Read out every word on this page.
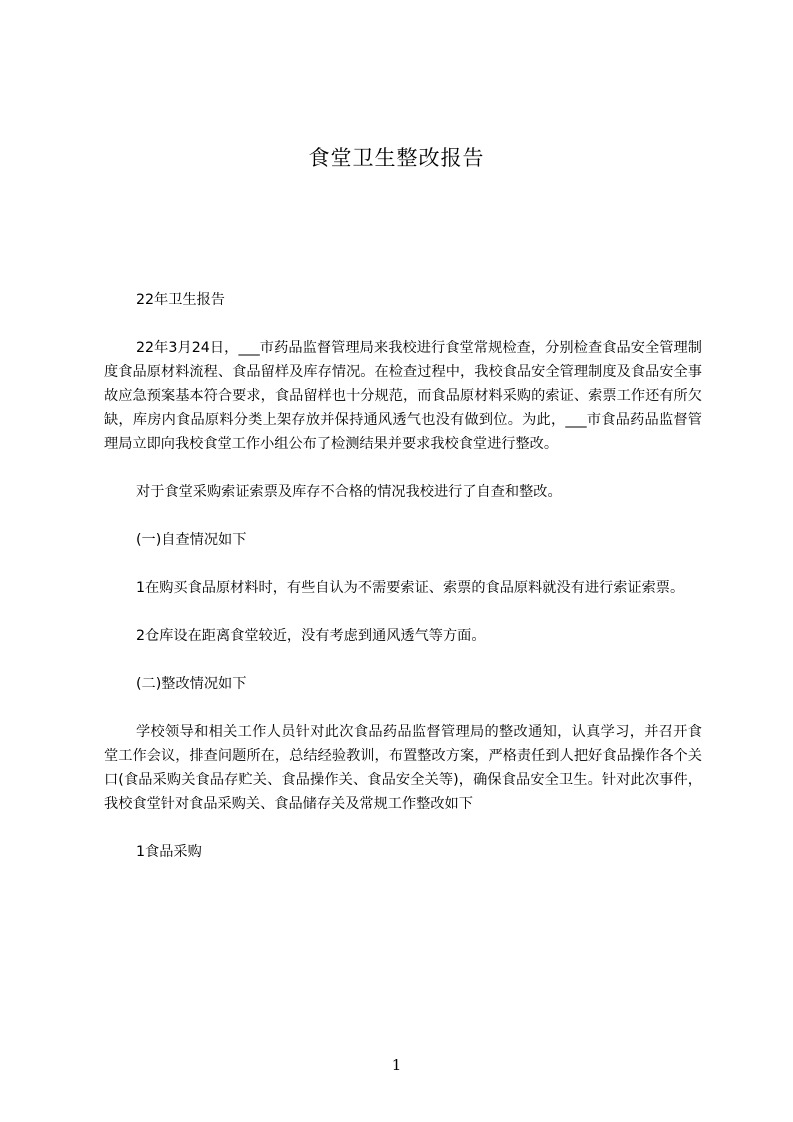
食堂卫生整改报告

22年卫生报告

22年3月24日，___市药品监督管理局来我校进行食堂常规检查，分别检查食品安全管理制度食品原材料流程、食品留样及库存情况。在检查过程中，我校食品安全管理制度及食品安全事故应急预案基本符合要求，食品留样也十分规范，而食品原材料采购的索证、索票工作还有所欠缺，库房内食品原料分类上架存放并保持通风透气也没有做到位。为此，___市食品药品监督管理局立即向我校食堂工作小组公布了检测结果并要求我校食堂进行整改。

对于食堂采购索证索票及库存不合格的情况我校进行了自查和整改。

(一)自查情况如下

1在购买食品原材料时，有些自认为不需要索证、索票的食品原料就没有进行索证索票。

2仓库设在距离食堂较近，没有考虑到通风透气等方面。

(二)整改情况如下

学校领导和相关工作人员针对此次食品药品监督管理局的整改通知，认真学习，并召开食堂工作会议，排查问题所在，总结经验教训，布置整改方案，严格责任到人把好食品操作各个关口(食品采购关食品存贮关、食品操作关、食品安全关等)，确保食品安全卫生。针对此次事件，我校食堂针对食品采购关、食品储存关及常规工作整改如下

1食品采购

1
